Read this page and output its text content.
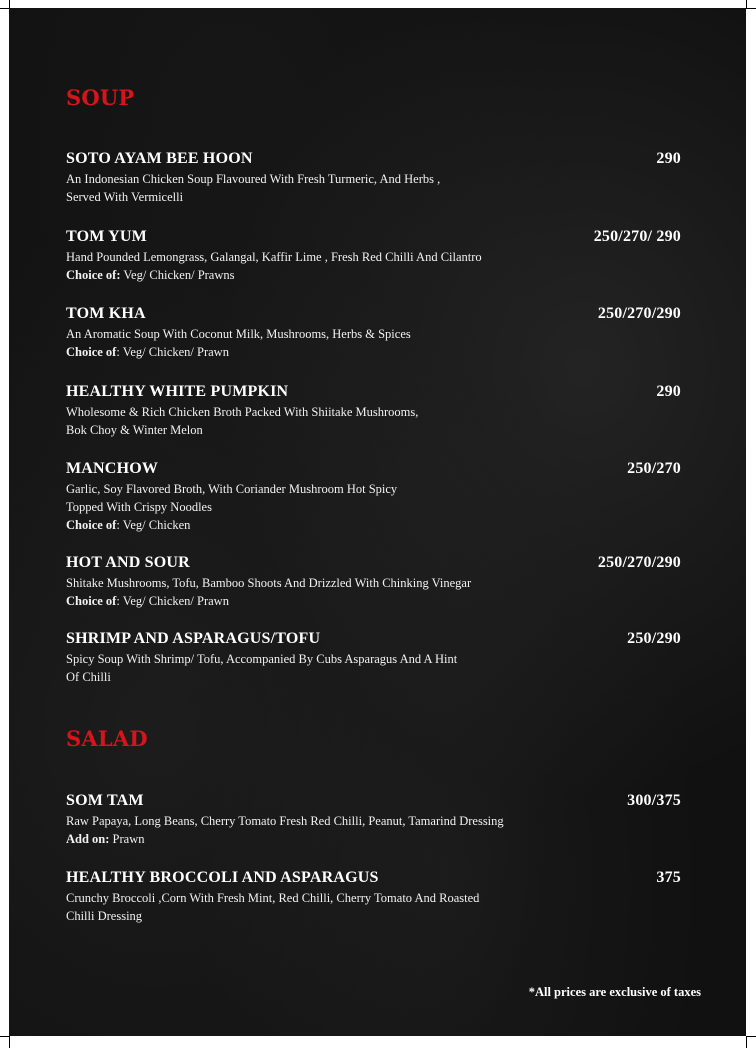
SOUP
SOTO AYAM BEE HOON	290
An Indonesian Chicken Soup Flavoured With Fresh Turmeric, And Herbs ,
Served With Vermicelli
TOM YUM	250/270/ 290
Hand Pounded Lemongrass, Galangal, Kaffir Lime , Fresh Red Chilli And Cilantro
Choice of: Veg/ Chicken/ Prawns
TOM KHA	250/270/290
An Aromatic Soup With Coconut Milk, Mushrooms, Herbs & Spices
Choice of: Veg/ Chicken/ Prawn
HEALTHY WHITE PUMPKIN	290
Wholesome & Rich Chicken Broth Packed With Shiitake Mushrooms,
Bok Choy & Winter Melon
MANCHOW	250/270
Garlic, Soy Flavored Broth, With Coriander Mushroom Hot Spicy
Topped With Crispy Noodles
Choice of: Veg/ Chicken
HOT AND SOUR	250/270/290
Shitake Mushrooms, Tofu, Bamboo Shoots And Drizzled With Chinking Vinegar
Choice of: Veg/ Chicken/ Prawn
SHRIMP AND ASPARAGUS/TOFU	250/290
Spicy Soup With Shrimp/ Tofu, Accompanied By Cubs Asparagus And A Hint
Of Chilli
SALAD
SOM TAM	300/375
Raw Papaya, Long Beans, Cherry Tomato Fresh Red Chilli, Peanut, Tamarind Dressing
Add on: Prawn
HEALTHY BROCCOLI AND ASPARAGUS	375
Crunchy Broccoli ,Corn With Fresh Mint, Red Chilli, Cherry Tomato And Roasted
Chilli Dressing
*All prices are exclusive of taxes
